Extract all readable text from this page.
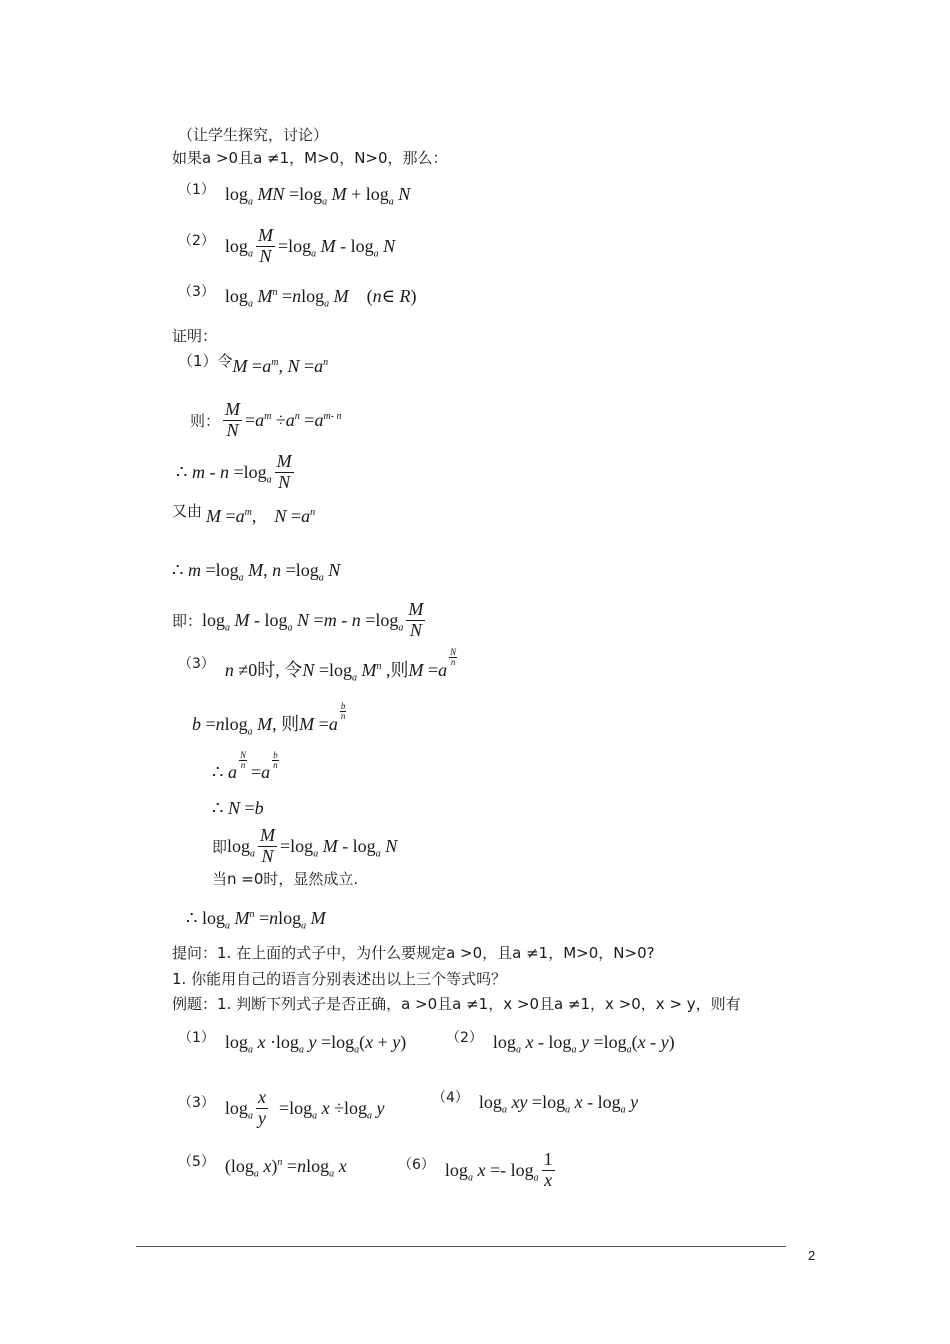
（让学生探究，讨论）
如果a >0且a ≠1，M>0，N>0，那么：
（1） $\log_a$ MN $=\log_a$ $M + \log_a N$
（2） $\log_a \frac{M}{N} =\log_a$ M - $\log_a N$
（3） $\log_a M^n =nlog_a$ M (n∈ R)
证明：
（1）令 $M =a^m$, $N =a^n$
则： $\frac{M}{N} =a^m \div a^n =a^{m- n}$
∴ $m - n =\log_a \frac{M}{N}$
又由 $M =a^m$, $N =a^n$
∴ $m =\log_a$ M, $n =\log_a$ N
即： $\log_a M - \log_a N =m - n =\log_a \frac{M}{N}$
（3） n ≠0时, 令$N =\log_a$ $M^n$ ,则M =a
N
n
b =nlog$_a$ M, 则M =a
b
n
∴ a
$\frac{N}{n}$
=a
b
n
∴ N =b
即$\log_a \frac{M}{N} =\log_a$ M - $\log_a N$
当n =0时，显然成立.
∴ $\log_a M^n =nlog_a$ M
提问：1. 在上面的式子中，为什么要规定a >0，且a ≠1，M>0，N>0?
1. 你能用自己的语言分别表述出以上三个等式吗？
例题：1. 判断下列式子是否正确，a >0且a ≠1，x >0且a ≠1，x >0，x > y，则有
（1） $\log_a x \cdot\log_a$ $y =\log_a(x + y)$	（2） $\log_a x - \log_a y =\log_a(x - y)$
（3） $\log_a \frac{x}{y} =\log_a$ $x \div\log_a$ y
（4） $\log_a$ xy $=\log_a$ x - $\log_a y$
（5） ($\log_a$ x)$^n$ =nlog$_a$ x	（6） $\log_a x =- \log_a \frac{1}{x}$
2
